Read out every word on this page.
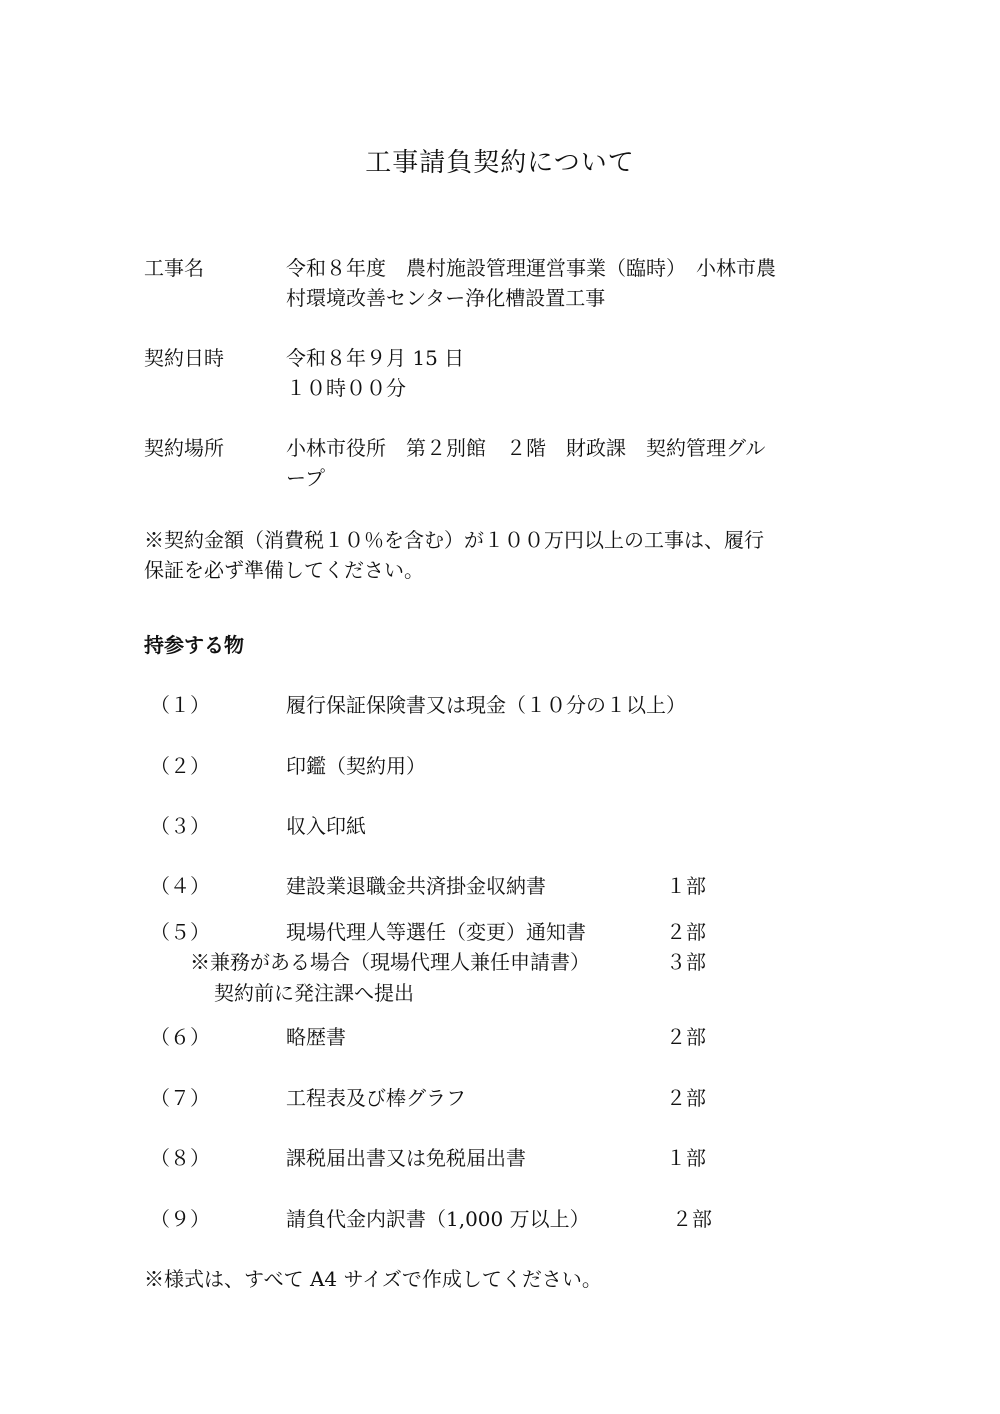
工事請負契約について
工事名	令和８年度　農村施設管理運営事業（臨時）　小林市農
村環境改善センター浄化槽設置工事
契約日時	令和８年９月 15 日
１０時００分
契約場所	小林市役所　第２別館　２階　財政課　契約管理グル
ープ
※契約金額（消費税１０％を含む）が１００万円以上の工事は、履行
保証を必ず準備してください。
持参する物
（１）	履行保証保険書又は現金（１０分の１以上）
（２）	印鑑（契約用）
（３）	収入印紙
（４）	建設業退職金共済掛金収納書	１部
（５）	現場代理人等選任（変更）通知書	２部
※兼務がある場合（現場代理人兼任申請書）	３部
契約前に発注課へ提出
（６）	略歴書	２部
（７）	工程表及び棒グラフ	２部
（８）	課税届出書又は免税届出書	１部
（９）	請負代金内訳書（1,000 万以上）	２部
※様式は、すべて A4 サイズで作成してください。
